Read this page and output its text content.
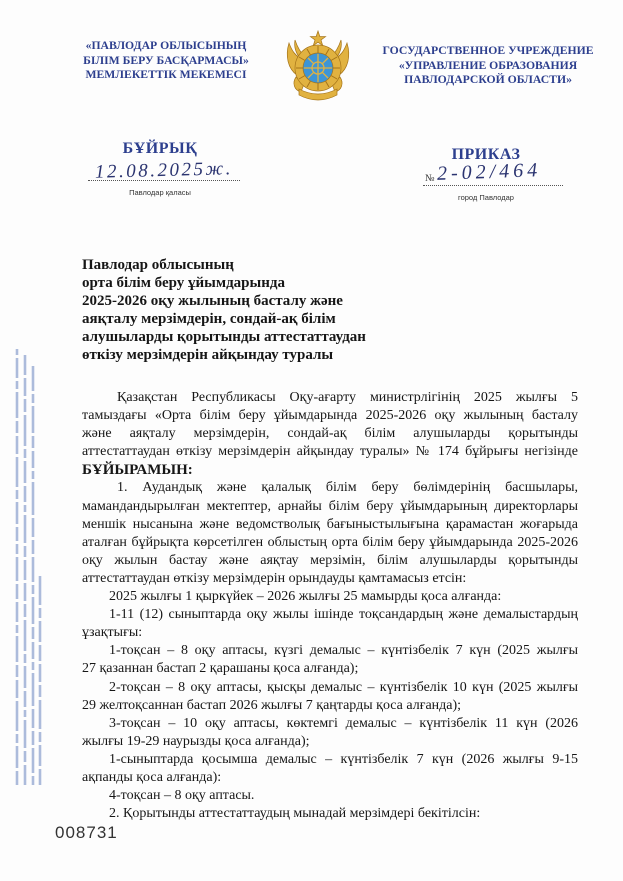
«ПАВЛОДАР ОБЛЫСЫНЫҢ
БІЛІМ БЕРУ БАСҚАРМАСЫ»
МЕМЛЕКЕТТІК МЕКЕМЕСІ
ГОСУДАРСТВЕННОЕ УЧРЕЖДЕНИЕ
«УПРАВЛЕНИЕ ОБРАЗОВАНИЯ
ПАВЛОДАРСКОЙ ОБЛАСТИ»
БҰЙРЫҚ
12.08.2025ж.
Павлодар қаласы
ПРИКАЗ
№ 2-02/464
город Павлодар
Павлодар облысының
орта білім беру ұйымдарында
2025-2026 оқу жылының басталу және
аяқталу мерзімдерін, сондай-ақ білім
алушыларды қорытынды аттестаттаудан
өткізу мерзімдерін айқындау туралы
Қазақстан Республикасы Оқу-ағарту министрлігінің 2025 жылғы 5
тамыздағы «Орта білім беру ұйымдарында 2025-2026 оқу жылының басталу
және аяқталу мерзімдерін, сондай-ақ білім алушыларды қорытынды
аттестаттаудан өткізу мерзімдерін айқындау туралы» № 174 бұйрығы негізінде
БҰЙЫРАМЫН:
1. Аудандық және қалалық білім беру бөлімдерінің басшылары,
мамандандырылған мектептер, арнайы білім беру ұйымдарының директорлары
меншік нысанына және ведомстволық бағыныстылығына қарамастан жоғарыда
аталған бұйрықта көрсетілген облыстың орта білім беру ұйымдарында 2025-2026
оқу жылын бастау және аяқтау мерзімін, білім алушыларды қорытынды
аттестаттаудан өткізу мерзімдерін орындауды қамтамасыз етсін:
2025 жылғы 1 қыркүйек – 2026 жылғы 25 мамырды қоса алғанда:
1-11 (12) сыныптарда оқу жылы ішінде тоқсандардың және демалыстардың
ұзақтығы:
1-тоқсан – 8 оқу аптасы, күзгі демалыс – күнтізбелік 7 күн (2025 жылғы
27 қазаннан бастап 2 қарашаны қоса алғанда);
2-тоқсан – 8 оқу аптасы, қысқы демалыс – күнтізбелік 10 күн (2025 жылғы
29 желтоқсаннан бастап 2026 жылғы 7 қаңтарды қоса алғанда);
3-тоқсан – 10 оқу аптасы, көктемгі демалыс – күнтізбелік 11 күн (2026
жылғы 19-29 наурызды қоса алғанда);
1-сыныптарда қосымша демалыс – күнтізбелік 7 күн (2026 жылғы 9-15
ақпанды қоса алғанда):
4-тоқсан – 8 оқу аптасы.
2. Қорытынды аттестаттаудың мынадай мерзімдері бекітілсін:
008731
